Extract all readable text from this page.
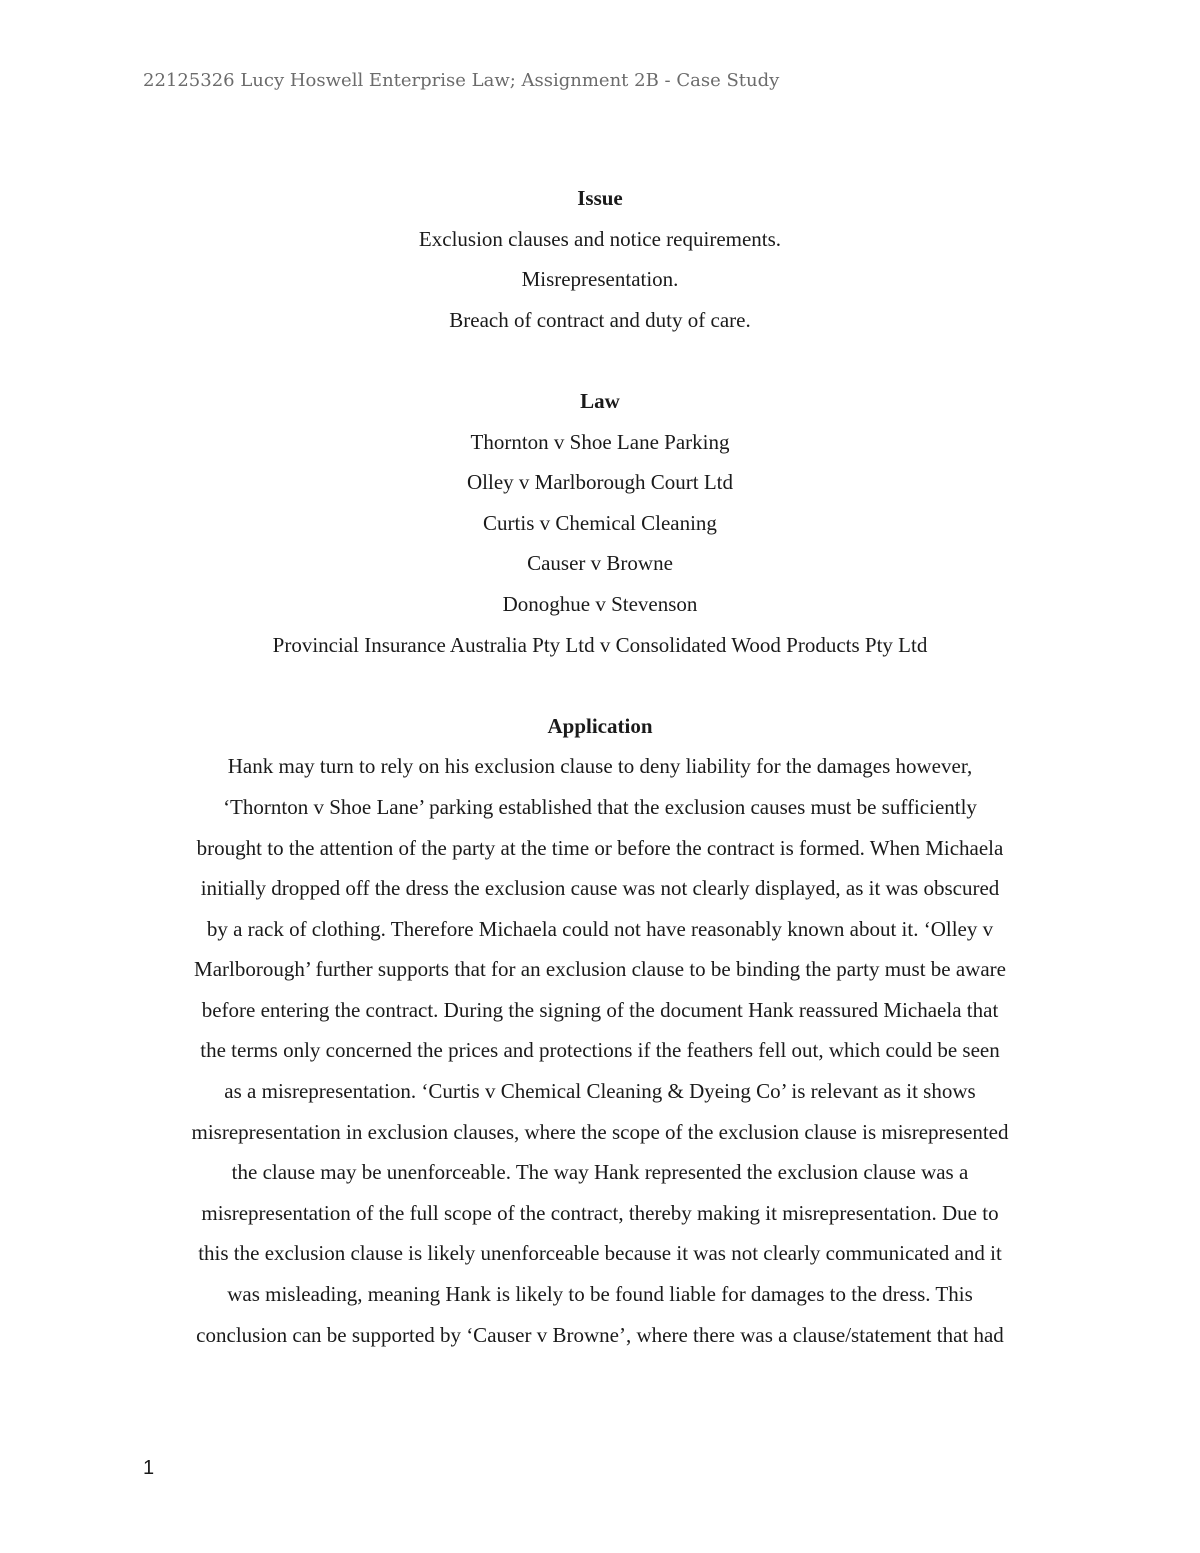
22125326 Lucy Hoswell Enterprise Law; Assignment 2B - Case Study

Issue

Exclusion clauses and notice requirements.

Misrepresentation.

Breach of contract and duty of care.

Law

Thornton v Shoe Lane Parking

Olley v Marlborough Court Ltd

Curtis v Chemical Cleaning

Causer v Browne

Donoghue v Stevenson

Provincial Insurance Australia Pty Ltd v Consolidated Wood Products Pty Ltd

Application

Hank may turn to rely on his exclusion clause to deny liability for the damages however,
‘Thornton v Shoe Lane’ parking established that the exclusion causes must be sufficiently
brought to the attention of the party at the time or before the contract is formed. When Michaela
initially dropped off the dress the exclusion cause was not clearly displayed, as it was obscured
by a rack of clothing. Therefore Michaela could not have reasonably known about it. ‘Olley v
Marlborough’ further supports that for an exclusion clause to be binding the party must be aware
before entering the contract. During the signing of the document Hank reassured Michaela that
the terms only concerned the prices and protections if the feathers fell out, which could be seen
as a misrepresentation. ‘Curtis v Chemical Cleaning & Dyeing Co’ is relevant as it shows
misrepresentation in exclusion clauses, where the scope of the exclusion clause is misrepresented
the clause may be unenforceable. The way Hank represented the exclusion clause was a
misrepresentation of the full scope of the contract, thereby making it misrepresentation. Due to
this the exclusion clause is likely unenforceable because it was not clearly communicated and it
was misleading, meaning Hank is likely to be found liable for damages to the dress. This
conclusion can be supported by ‘Causer v Browne’, where there was a clause/statement that had

1
